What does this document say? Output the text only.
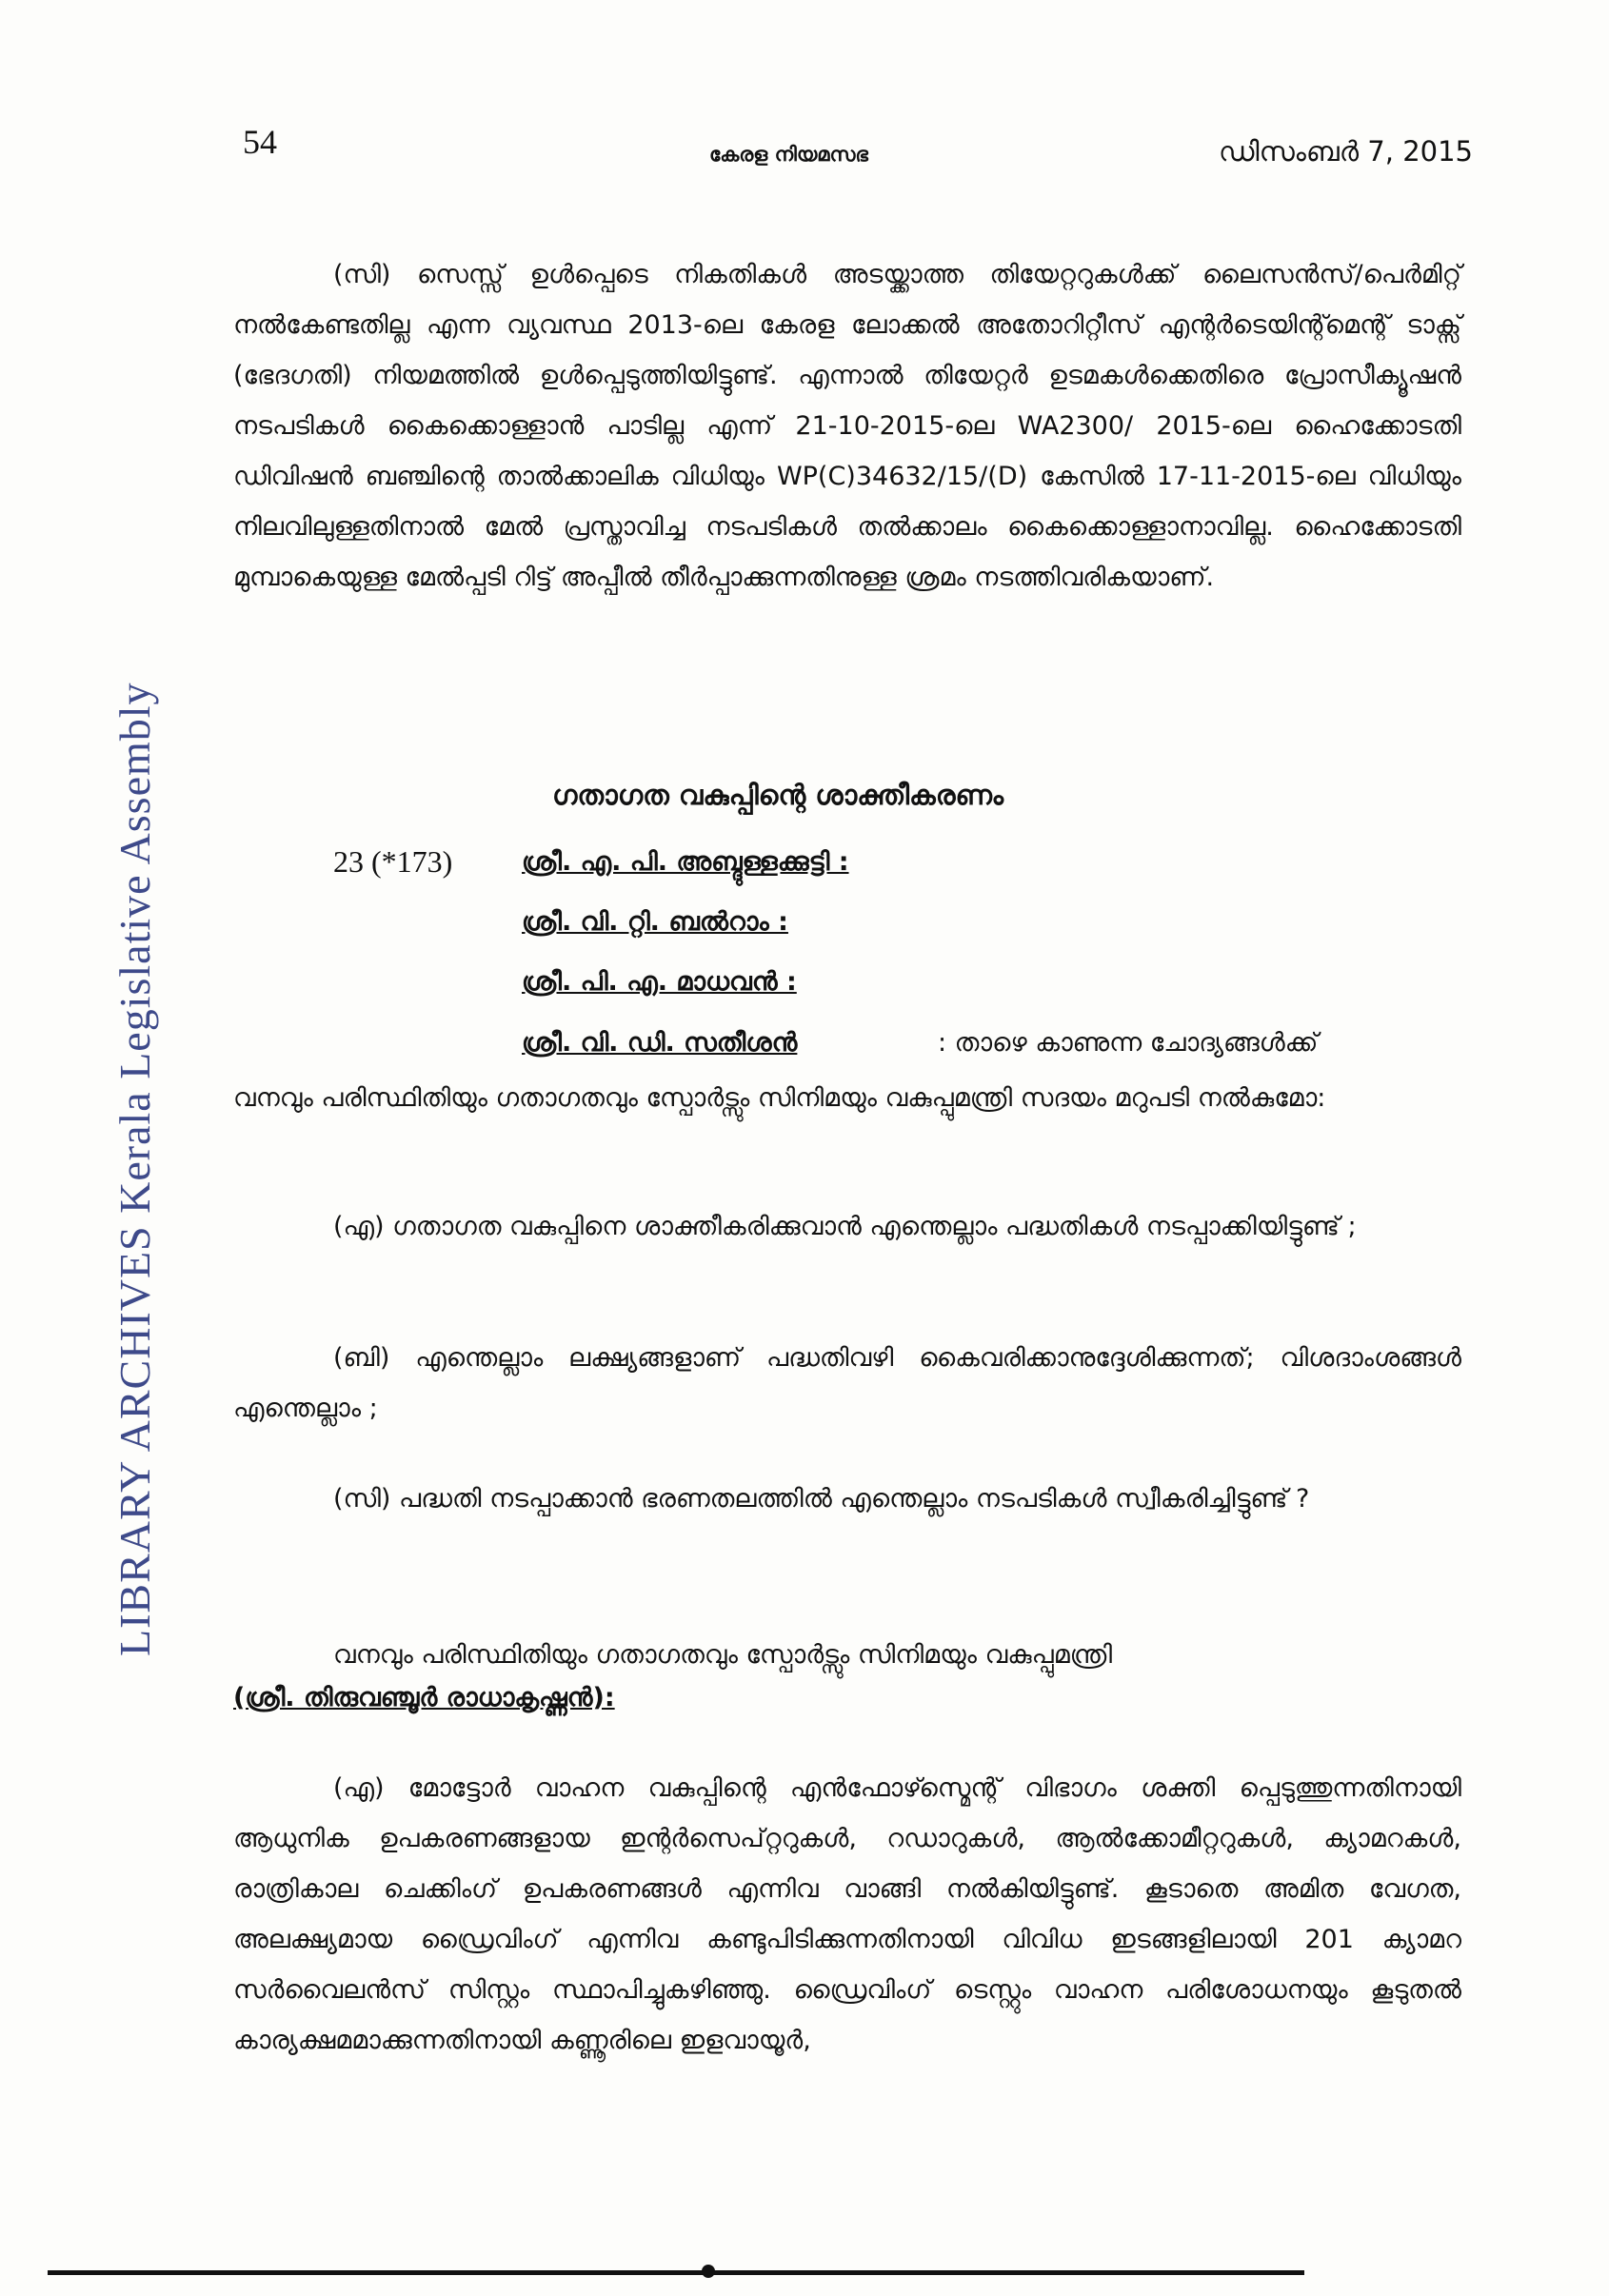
LIBRARY ARCHIVES Kerala Legislative Assembly
54	കേരള നിയമസഭ	ഡിസംബർ 7, 2015

(സി) സെസ്സ് ഉൾപ്പെടെ നികതികൾ അടയ്ക്കാത്ത തിയേറ്ററുകൾക്ക് ലൈസൻസ്/പെർമിറ്റ് നൽകേണ്ടതില്ല എന്ന വ്യവസ്ഥ 2013-ലെ കേരള ലോക്കൽ അതോറിറ്റീസ് എന്റർടെയിന്റ്മെന്റ് ടാക്സ് (ഭേദഗതി) നിയമത്തിൽ ഉൾപ്പെടുത്തിയിട്ടുണ്ട്. എന്നാൽ തിയേറ്റർ ഉടമകൾക്കെതിരെ പ്രോസീക്യൂഷൻ നടപടികൾ കൈക്കൊള്ളാൻ പാടില്ല എന്ന് 21-10-2015-ലെ WA2300/ 2015-ലെ ഹൈക്കോടതി ഡിവിഷൻ ബഞ്ചിന്റെ താൽക്കാലിക വിധിയും WP(C)34632/15/(D) കേസിൽ 17-11-2015-ലെ വിധിയും നിലവിലുള്ളതിനാൽ മേൽ പ്രസ്താവിച്ച നടപടികൾ തൽക്കാലം കൈക്കൊള്ളാനാവില്ല. ഹൈക്കോടതി മുമ്പാകെയുള്ള മേൽപ്പടി റിട്ട് അപ്പീൽ തീർപ്പാക്കുന്നതിനുള്ള ശ്രമം നടത്തിവരികയാണ്.

ഗതാഗത വകുപ്പിന്റെ ശാക്തീകരണം
23 (*173)	ശ്രീ. എ. പി. അബ്ദുള്ളക്കുട്ടി :
ശ്രീ. വി. റ്റി. ബൽറാം :
ശ്രീ. പി. എ. മാധവൻ :
ശ്രീ. വി. ഡി. സതീശൻ	: താഴെ കാണുന്ന ചോദ്യങ്ങൾക്ക്

വനവും പരിസ്ഥിതിയും ഗതാഗതവും സ്പോർട്സും സിനിമയും വകുപ്പുമന്ത്രി സദയം മറുപടി നൽകുമോ:

(എ) ഗതാഗത വകുപ്പിനെ ശാക്തീകരിക്കുവാൻ എന്തെല്ലാം പദ്ധതികൾ നടപ്പാക്കിയിട്ടുണ്ട് ;

(ബി) എന്തെല്ലാം ലക്ഷ്യങ്ങളാണ് പദ്ധതിവഴി കൈവരിക്കാനുദ്ദേശിക്കുന്നത്; വിശദാംശങ്ങൾ എന്തെല്ലാം ;

(സി) പദ്ധതി നടപ്പാക്കാൻ ഭരണതലത്തിൽ എന്തെല്ലാം നടപടികൾ സ്വീകരിച്ചിട്ടുണ്ട് ?

വനവും പരിസ്ഥിതിയും ഗതാഗതവും സ്പോർട്സും സിനിമയും വകുപ്പുമന്ത്രി

(ശ്രീ. തിരുവഞ്ചൂർ രാധാകൃഷ്ണൻ):

(എ) മോട്ടോർ വാഹന വകുപ്പിന്റെ എൻഫോഴ്സ്മെന്റ് വിഭാഗം ശക്തി പ്പെടുത്തുന്നതിനായി ആധുനിക ഉപകരണങ്ങളായ ഇന്റർസെപ്റ്ററുകൾ, റഡാറുകൾ, ആൽക്കോമീറ്ററുകൾ, ക്യാമറകൾ, രാത്രികാല ചെക്കിംഗ് ഉപകരണങ്ങൾ എന്നിവ വാങ്ങി നൽകിയിട്ടുണ്ട്. കൂടാതെ അമിത വേഗത, അലക്ഷ്യമായ ഡ്രൈവിംഗ് എന്നിവ കണ്ടുപിടിക്കുന്നതിനായി വിവിധ ഇടങ്ങളിലായി 201 ക്യാമറ സർവൈലൻസ് സിസ്റ്റം സ്ഥാപിച്ചുകഴിഞ്ഞു. ഡ്രൈവിംഗ് ടെസ്റ്റും വാഹന പരിശോധനയും കൂടുതൽ കാര്യക്ഷമമാക്കുന്നതിനായി കണ്ണൂരിലെ ഇളവായൂർ,
